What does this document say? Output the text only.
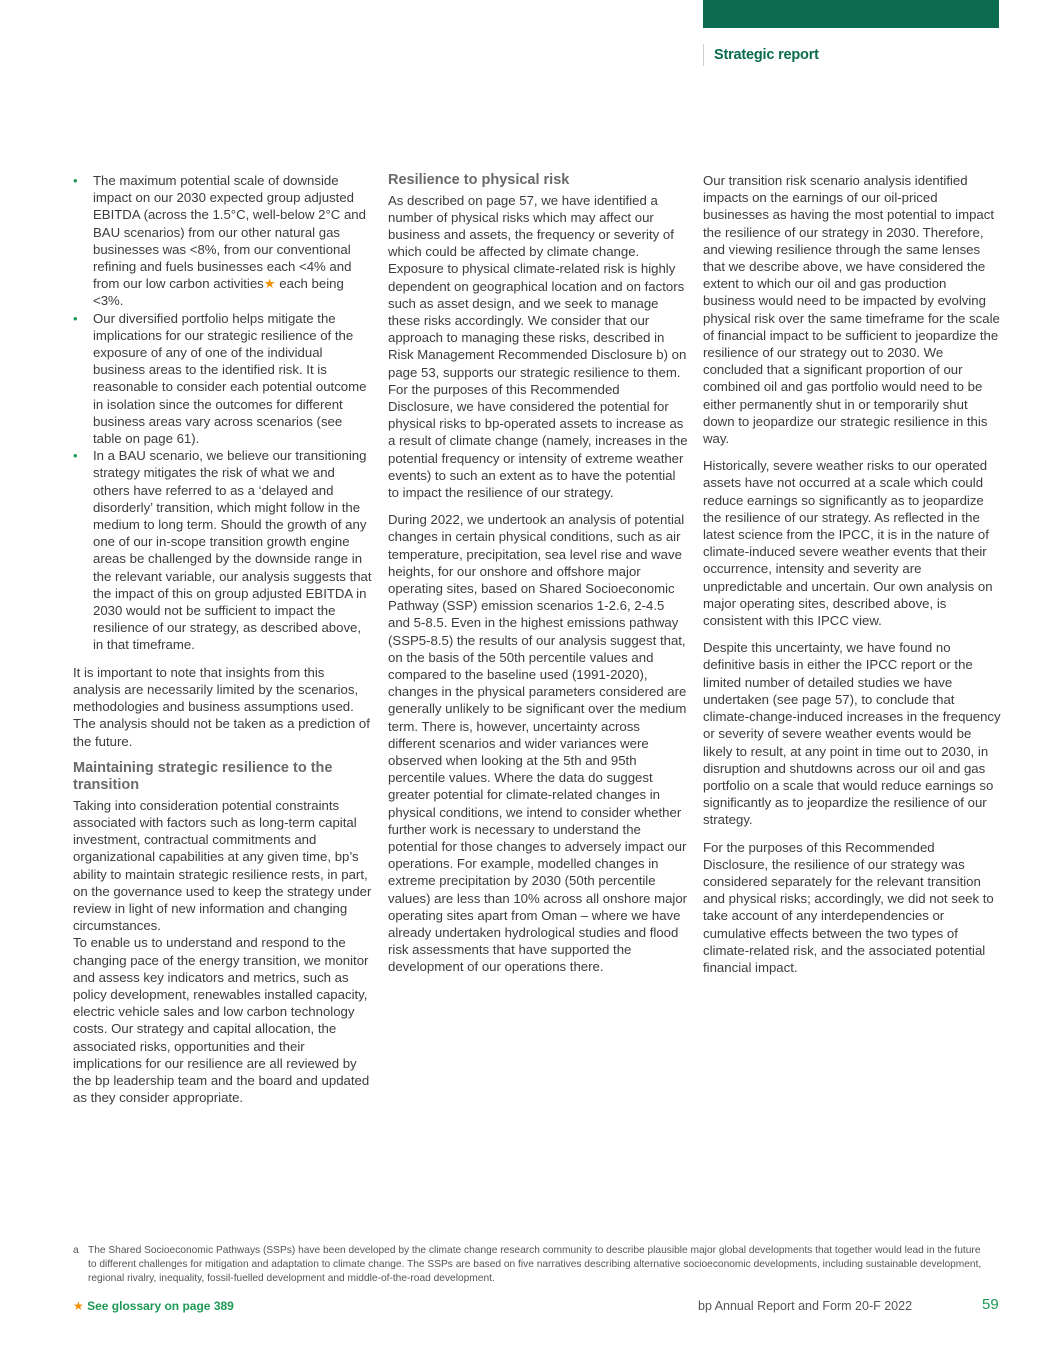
Strategic report
• The maximum potential scale of downside impact on our 2030 expected group adjusted EBITDA (across the 1.5°C, well-below 2°C and BAU scenarios) from our other natural gas businesses was <8%, from our conventional refining and fuels businesses each <4% and from our low carbon activities★ each being <3%.
• Our diversified portfolio helps mitigate the implications for our strategic resilience of the exposure of any of one of the individual business areas to the identified risk. It is reasonable to consider each potential outcome in isolation since the outcomes for different business areas vary across scenarios (see table on page 61).
• In a BAU scenario, we believe our transitioning strategy mitigates the risk of what we and others have referred to as a ‘delayed and disorderly’ transition, which might follow in the medium to long term. Should the growth of any one of our in-scope transition growth engine areas be challenged by the downside range in the relevant variable, our analysis suggests that the impact of this on group adjusted EBITDA in 2030 would not be sufficient to impact the resilience of our strategy, as described above, in that timeframe.

It is important to note that insights from this analysis are necessarily limited by the scenarios, methodologies and business assumptions used. The analysis should not be taken as a prediction of the future.

Maintaining strategic resilience to the transition

Taking into consideration potential constraints associated with factors such as long-term capital investment, contractual commitments and organizational capabilities at any given time, bp’s ability to maintain strategic resilience rests, in part, on the governance used to keep the strategy under review in light of new information and changing circumstances.

To enable us to understand and respond to the changing pace of the energy transition, we monitor and assess key indicators and metrics, such as policy development, renewables installed capacity, electric vehicle sales and low carbon technology costs. Our strategy and capital allocation, the associated risks, opportunities and their implications for our resilience are all reviewed by the bp leadership team and the board and updated as they consider appropriate.

Resilience to physical risk

As described on page 57, we have identified a number of physical risks which may affect our business and assets, the frequency or severity of which could be affected by climate change. Exposure to physical climate-related risk is highly dependent on geographical location and on factors such as asset design, and we seek to manage these risks accordingly. We consider that our approach to managing these risks, described in Risk Management Recommended Disclosure b) on page 53, supports our strategic resilience to them. For the purposes of this Recommended Disclosure, we have considered the potential for physical risks to bp-operated assets to increase as a result of climate change (namely, increases in the potential frequency or intensity of extreme weather events) to such an extent as to have the potential to impact the resilience of our strategy.

During 2022, we undertook an analysis of potential changes in certain physical conditions, such as air temperature, precipitation, sea level rise and wave heights, for our onshore and offshore major operating sites, based on Shared Socioeconomic Pathway (SSP) emission scenarios 1-2.6, 2-4.5 and 5-8.5. Even in the highest emissions pathway (SSP5-8.5) the results of our analysis suggest that, on the basis of the 50th percentile values and compared to the baseline used (1991-2020), changes in the physical parameters considered are generally unlikely to be significant over the medium term. There is, however, uncertainty across different scenarios and wider variances were observed when looking at the 5th and 95th percentile values. Where the data do suggest greater potential for climate-related changes in physical conditions, we intend to consider whether further work is necessary to understand the potential for those changes to adversely impact our operations. For example, modelled changes in extreme precipitation by 2030 (50th percentile values) are less than 10% across all onshore major operating sites apart from Oman – where we have already undertaken hydrological studies and flood risk assessments that have supported the development of our operations there.

Our transition risk scenario analysis identified impacts on the earnings of our oil-priced businesses as having the most potential to impact the resilience of our strategy in 2030. Therefore, and viewing resilience through the same lenses that we describe above, we have considered the extent to which our oil and gas production business would need to be impacted by evolving physical risk over the same timeframe for the scale of financial impact to be sufficient to jeopardize the resilience of our strategy out to 2030. We concluded that a significant proportion of our combined oil and gas portfolio would need to be either permanently shut in or temporarily shut down to jeopardize our strategic resilience in this way.

Historically, severe weather risks to our operated assets have not occurred at a scale which could reduce earnings so significantly as to jeopardize the resilience of our strategy. As reflected in the latest science from the IPCC, it is in the nature of climate-induced severe weather events that their occurrence, intensity and severity are unpredictable and uncertain. Our own analysis on major operating sites, described above, is consistent with this IPCC view.

Despite this uncertainty, we have found no definitive basis in either the IPCC report or the limited number of detailed studies we have undertaken (see page 57), to conclude that climate-change-induced increases in the frequency or severity of severe weather events would be likely to result, at any point in time out to 2030, in disruption and shutdowns across our oil and gas portfolio on a scale that would reduce earnings so significantly as to jeopardize the resilience of our strategy.

For the purposes of this Recommended Disclosure, the resilience of our strategy was considered separately for the relevant transition and physical risks; accordingly, we did not seek to take account of any interdependencies or cumulative effects between the two types of climate-related risk, and the associated potential financial impact.

a The Shared Socioeconomic Pathways (SSPs) have been developed by the climate change research community to describe plausible major global developments that together would lead in the future to different challenges for mitigation and adaptation to climate change. The SSPs are based on five narratives describing alternative socioeconomic developments, including sustainable development, regional rivalry, inequality, fossil-fuelled development and middle-of-the-road development.
★ See glossary on page 389	bp Annual Report and Form 20-F 2022	59
